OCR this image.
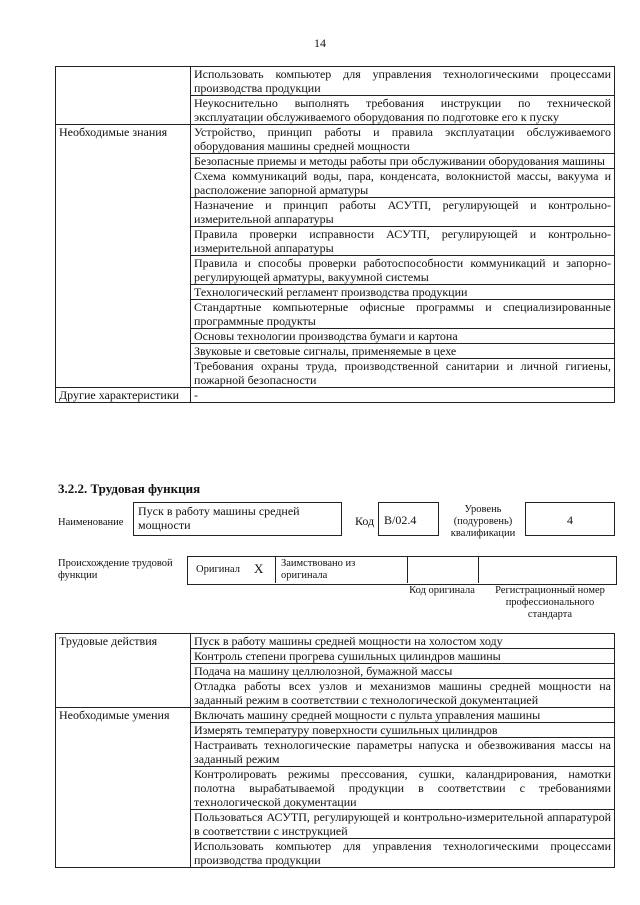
14
	Использовать компьютер для управления технологическими процессами производства продукции
	Неукоснительно выполнять требования инструкции по технической эксплуатации обслуживаемого оборудования по подготовке его к пуску
Необходимые знания	Устройство, принцип работы и правила эксплуатации обслуживаемого оборудования машины средней мощности
	Безопасные приемы и методы работы при обслуживании оборудования машины
	Схема коммуникаций воды, пара, конденсата, волокнистой массы, вакуума и расположение запорной арматуры
	Назначение и принцип работы АСУТП, регулирующей и контрольно-измерительной аппаратуры
	Правила проверки исправности АСУТП, регулирующей и контрольно-измерительной аппаратуры
	Правила и способы проверки работоспособности коммуникаций и запорно-регулирующей арматуры, вакуумной системы
	Технологический регламент производства продукции
	Стандартные компьютерные офисные программы и специализированные программные продукты
	Основы технологии производства бумаги и картона
	Звуковые и световые сигналы, применяемые в цехе
	Требования охраны труда, производственной санитарии и личной гигиены, пожарной безопасности
Другие характеристики	-
3.2.2. Трудовая функция
Наименование
Пуск в работу машины средней мощности	Код В/02.4
Уровень (подуровень) квалификации
4
Происхождение трудовой функции
Оригинал X Заимствовано из оригинала
Код оригинала	Регистрационный номер профессионального стандарта
Трудовые действия	Пуск в работу машины средней мощности на холостом ходу
	Контроль степени прогрева сушильных цилиндров машины
	Подача на машину целлюлозной, бумажной массы
	Отладка работы всех узлов и механизмов машины средней мощности на заданный режим в соответствии с технологической документацией
Необходимые умения	Включать машину средней мощности с пульта управления машины
	Измерять температуру поверхности сушильных цилиндров
	Настраивать технологические параметры напуска и обезвоживания массы на заданный режим
	Контролировать режимы прессования, сушки, каландрирования, намотки полотна вырабатываемой продукции в соответствии с требованиями технологической документации
	Пользоваться АСУТП, регулирующей и контрольно-измерительной аппаратурой в соответствии с инструкцией
	Использовать компьютер для управления технологическими процессами производства продукции
